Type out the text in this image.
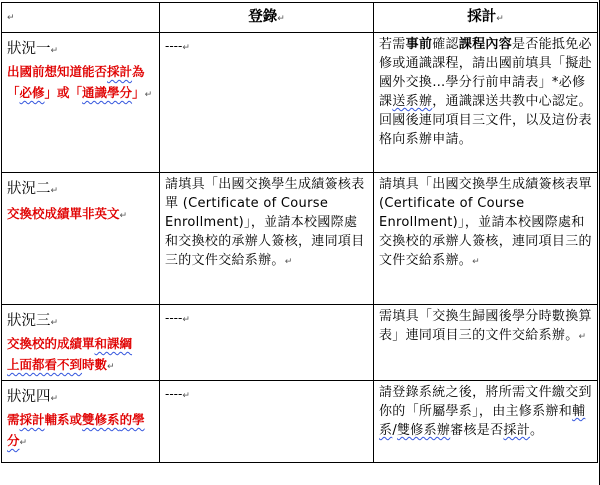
↵	登錄↵	採計↵

狀況一↵
出國前想知道能否採計為「必修」或「通識學分」↵	----↵	若需事前確認課程內容是否能抵免必修或通識課程，請出國前填具「擬赴國外交換…學分行前申請表」*必修課送系辦，通識課送共教中心認定。回國後連同項目三文件，以及這份表格向系辦申請。

狀況二↵
交換校成績單非英文↵	請填具「出國交換學生成績簽核表單 (Certificate of Course Enrollment)」，並請本校國際處和交換校的承辦人簽核，連同項目三的文件交給系辦。↵	請填具「出國交換學生成績簽核表單 (Certificate of Course Enrollment)」，並請本校國際處和交換校的承辦人簽核，連同項目三的文件交給系辦。↵

狀況三↵
交換校的成績單和課綱
上面都看不到時數↵	----↵	需填具「交換生歸國後學分時數換算表」連同項目三的文件交給系辦。↵

狀況四↵
需採計輔系或雙修系的學分↵	----↵	請登錄系統之後，將所需文件繳交到你的「所屬學系」，由主修系辦和輔系/雙修系辦審核是否採計。
